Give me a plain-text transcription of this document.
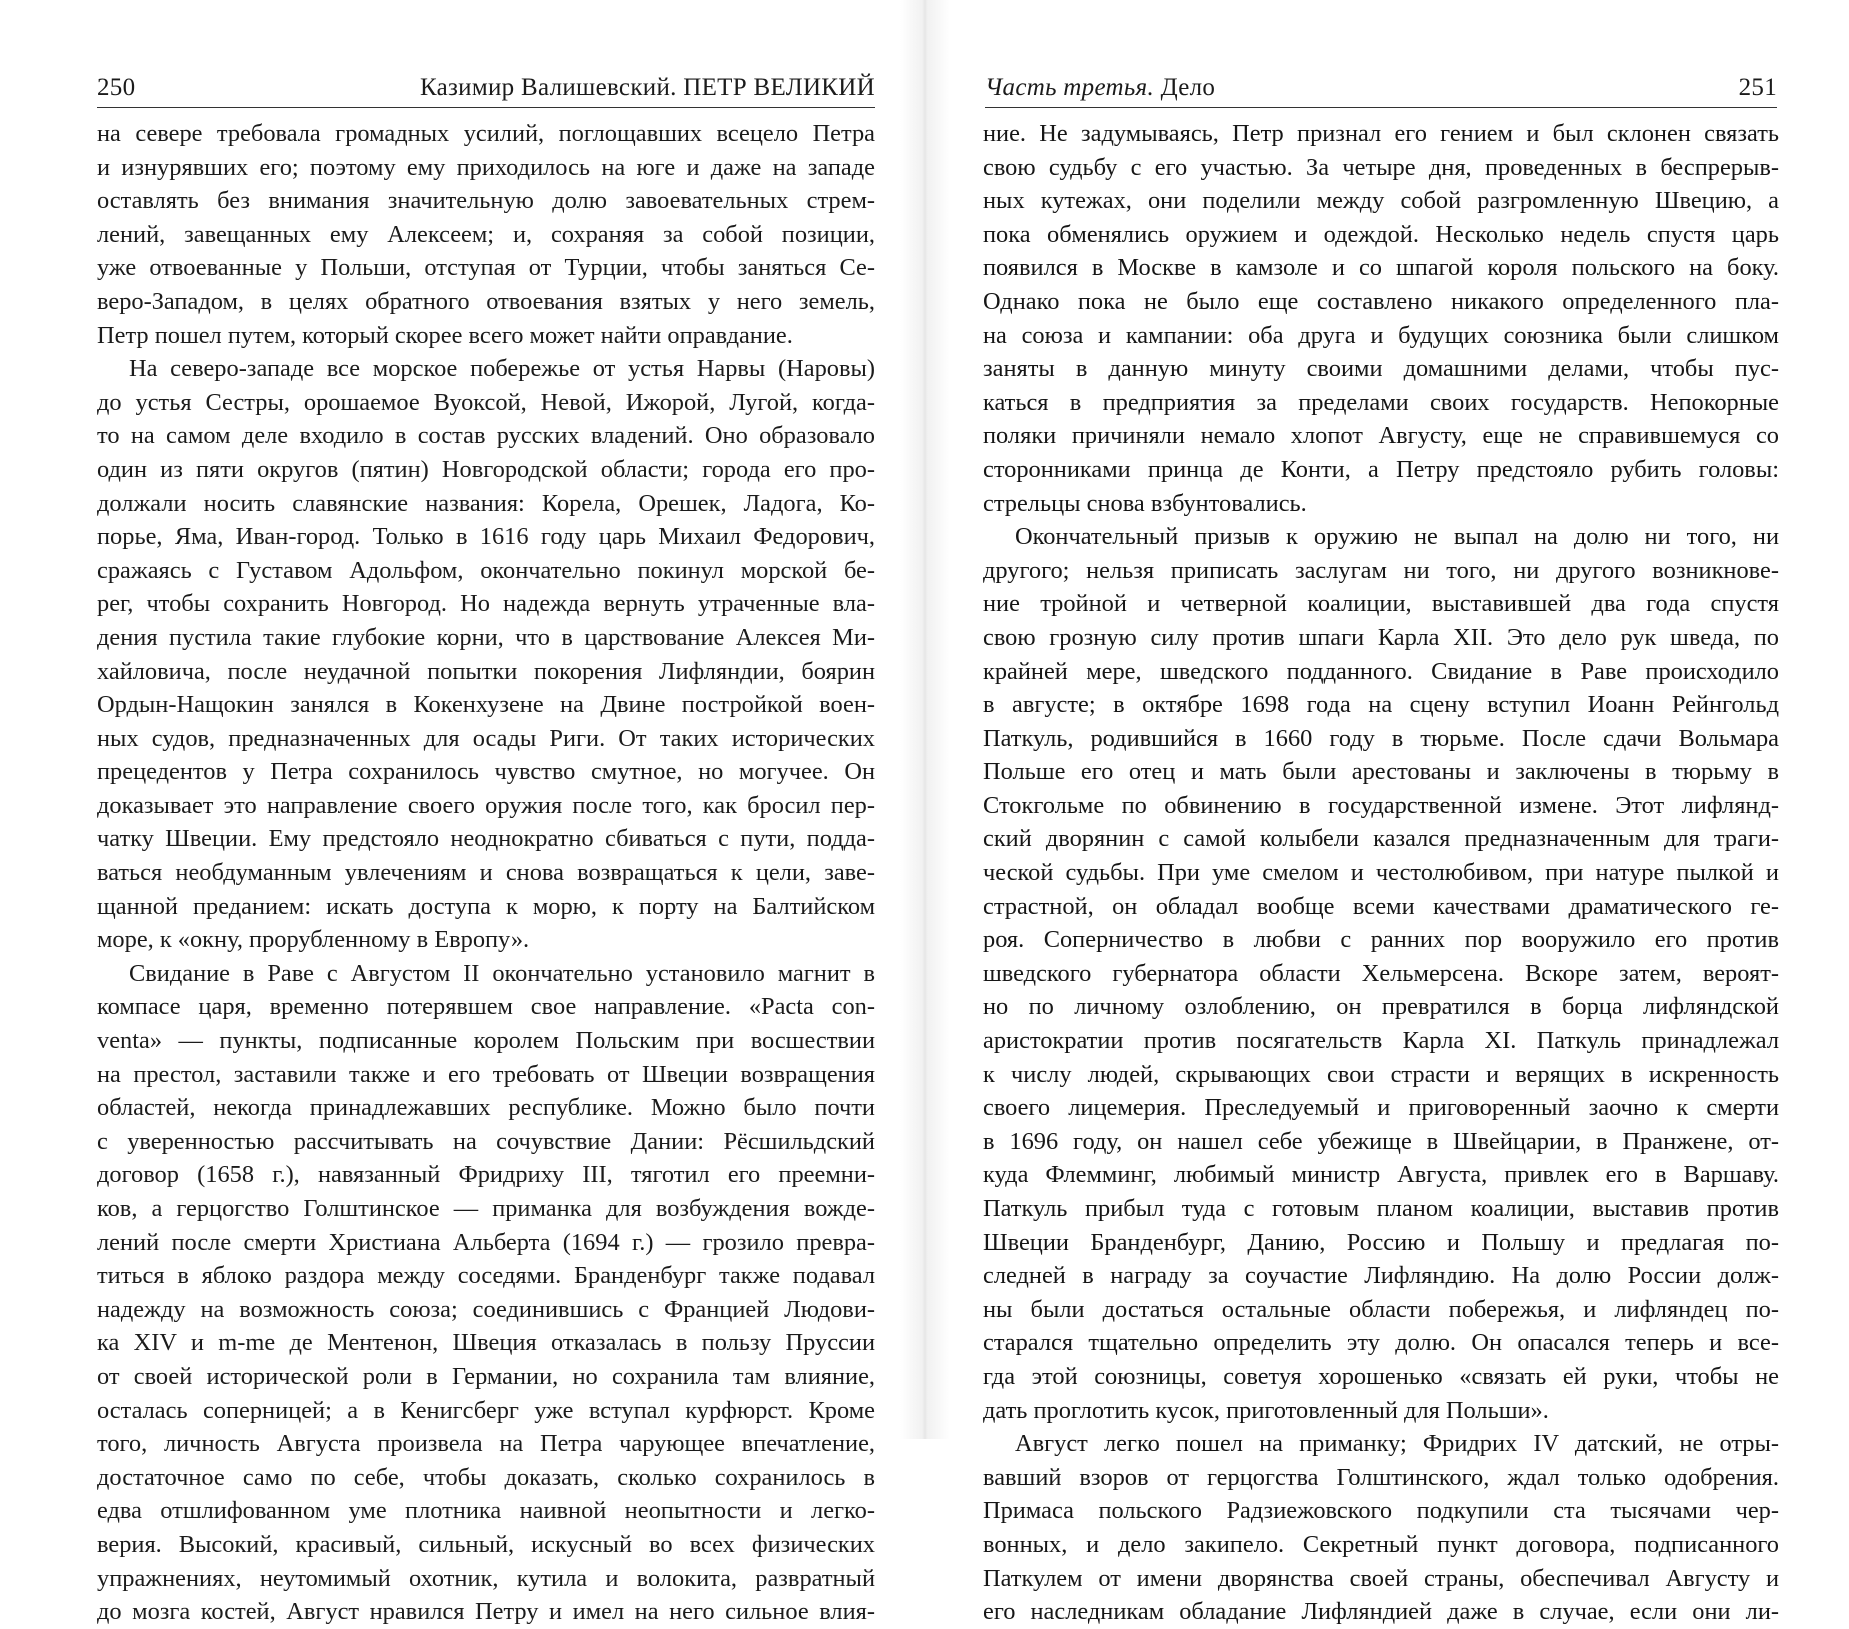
250	Казимир Валишевский. ПЕТР ВЕЛИКИЙ
на севере требовала громадных усилий, поглощавших всецело Петра
и изнурявших его; поэтому ему приходилось на юге и даже на западе
оставлять без внимания значительную долю завоевательных стрем-
лений, завещанных ему Алексеем; и, сохраняя за собой позиции,
уже отвоеванные у Польши, отступая от Турции, чтобы заняться Се-
веро-Западом, в целях обратного отвоевания взятых у него земель,
Петр пошел путем, который скорее всего может найти оправдание.
На северо-западе все морское побережье от устья Нарвы (Наровы)
до устья Сестры, орошаемое Вуоксой, Невой, Ижорой, Лугой, когда-
то на самом деле входило в состав русских владений. Оно образовало
один из пяти округов (пятин) Новгородской области; города его про-
должали носить славянские названия: Корела, Орешек, Ладога, Ко-
порье, Яма, Иван-город. Только в 1616 году царь Михаил Федорович,
сражаясь с Густавом Адольфом, окончательно покинул морской бе-
рег, чтобы сохранить Новгород. Но надежда вернуть утраченные вла-
дения пустила такие глубокие корни, что в царствование Алексея Ми-
хайловича, после неудачной попытки покорения Лифляндии, боярин
Ордын-Нащокин занялся в Кокенхузене на Двине постройкой воен-
ных судов, предназначенных для осады Риги. От таких исторических
прецедентов у Петра сохранилось чувство смутное, но могучее. Он
доказывает это направление своего оружия после того, как бросил пер-
чатку Швеции. Ему предстояло неоднократно сбиваться с пути, подда-
ваться необдуманным увлечениям и снова возвращаться к цели, заве-
щанной преданием: искать доступа к морю, к порту на Балтийском
море, к «окну, прорубленному в Европу».
Свидание в Раве с Августом II окончательно установило магнит в
компасе царя, временно потерявшем свое направление. «Pacta con-
venta» — пункты, подписанные королем Польским при восшествии
на престол, заставили также и его требовать от Швеции возвращения
областей, некогда принадлежавших республике. Можно было почти
с уверенностью рассчитывать на сочувствие Дании: Рёсшильдский
договор (1658 г.), навязанный Фридриху III, тяготил его преемни-
ков, а герцогство Голштинское — приманка для возбуждения вожде-
лений после смерти Христиана Альберта (1694 г.) — грозило превра-
титься в яблоко раздора между соседями. Бранденбург также подавал
надежду на возможность союза; соединившись с Францией Людови-
ка XIV и m-me де Ментенон, Швеция отказалась в пользу Пруссии
от своей исторической роли в Германии, но сохранила там влияние,
осталась соперницей; а в Кенигсберг уже вступал курфюрст. Кроме
того, личность Августа произвела на Петра чарующее впечатление,
достаточное само по себе, чтобы доказать, сколько сохранилось в
едва отшлифованном уме плотника наивной неопытности и легко-
верия. Высокий, красивый, сильный, искусный во всех физических
упражнениях, неутомимый охотник, кутила и волокита, развратный
до мозга костей, Август нравился Петру и имел на него сильное влия-
Часть третья. Дело	251
ние. Не задумываясь, Петр признал его гением и был склонен связать
свою судьбу с его участью. За четыре дня, проведенных в беспрерыв-
ных кутежах, они поделили между собой разгромленную Швецию, а
пока обменялись оружием и одеждой. Несколько недель спустя царь
появился в Москве в камзоле и со шпагой короля польского на боку.
Однако пока не было еще составлено никакого определенного пла-
на союза и кампании: оба друга и будущих союзника были слишком
заняты в данную минуту своими домашними делами, чтобы пус-
каться в предприятия за пределами своих государств. Непокорные
поляки причиняли немало хлопот Августу, еще не справившемуся со
сторонниками принца де Конти, а Петру предстояло рубить головы:
стрельцы снова взбунтовались.
Окончательный призыв к оружию не выпал на долю ни того, ни
другого; нельзя приписать заслугам ни того, ни другого возникнове-
ние тройной и четверной коалиции, выставившей два года спустя
свою грозную силу против шпаги Карла XII. Это дело рук шведа, по
крайней мере, шведского подданного. Свидание в Раве происходило
в августе; в октябре 1698 года на сцену вступил Иоанн Рейнгольд
Паткуль, родившийся в 1660 году в тюрьме. После сдачи Вольмара
Польше его отец и мать были арестованы и заключены в тюрьму в
Стокгольме по обвинению в государственной измене. Этот лифлянд-
ский дворянин с самой колыбели казался предназначенным для траги-
ческой судьбы. При уме смелом и честолюбивом, при натуре пылкой и
страстной, он обладал вообще всеми качествами драматического ге-
роя. Соперничество в любви с ранних пор вооружило его против
шведского губернатора области Хельмерсена. Вскоре затем, вероят-
но по личному озлоблению, он превратился в борца лифляндской
аристократии против посягательств Карла XI. Паткуль принадлежал
к числу людей, скрывающих свои страсти и верящих в искренность
своего лицемерия. Преследуемый и приговоренный заочно к смерти
в 1696 году, он нашел себе убежище в Швейцарии, в Пранжене, от-
куда Флемминг, любимый министр Августа, привлек его в Варшаву.
Паткуль прибыл туда с готовым планом коалиции, выставив против
Швеции Бранденбург, Данию, Россию и Польшу и предлагая по-
следней в награду за соучастие Лифляндию. На долю России долж-
ны были достаться остальные области побережья, и лифляндец по-
старался тщательно определить эту долю. Он опасался теперь и все-
гда этой союзницы, советуя хорошенько «связать ей руки, чтобы не
дать проглотить кусок, приготовленный для Польши».
Август легко пошел на приманку; Фридрих IV датский, не отры-
вавший взоров от герцогства Голштинского, ждал только одобрения.
Примаса польского Радзиежовского подкупили ста тысячами чер-
вонных, и дело закипело. Секретный пункт договора, подписанного
Паткулем от имени дворянства своей страны, обеспечивал Августу и
его наследникам обладание Лифляндией даже в случае, если они ли-
